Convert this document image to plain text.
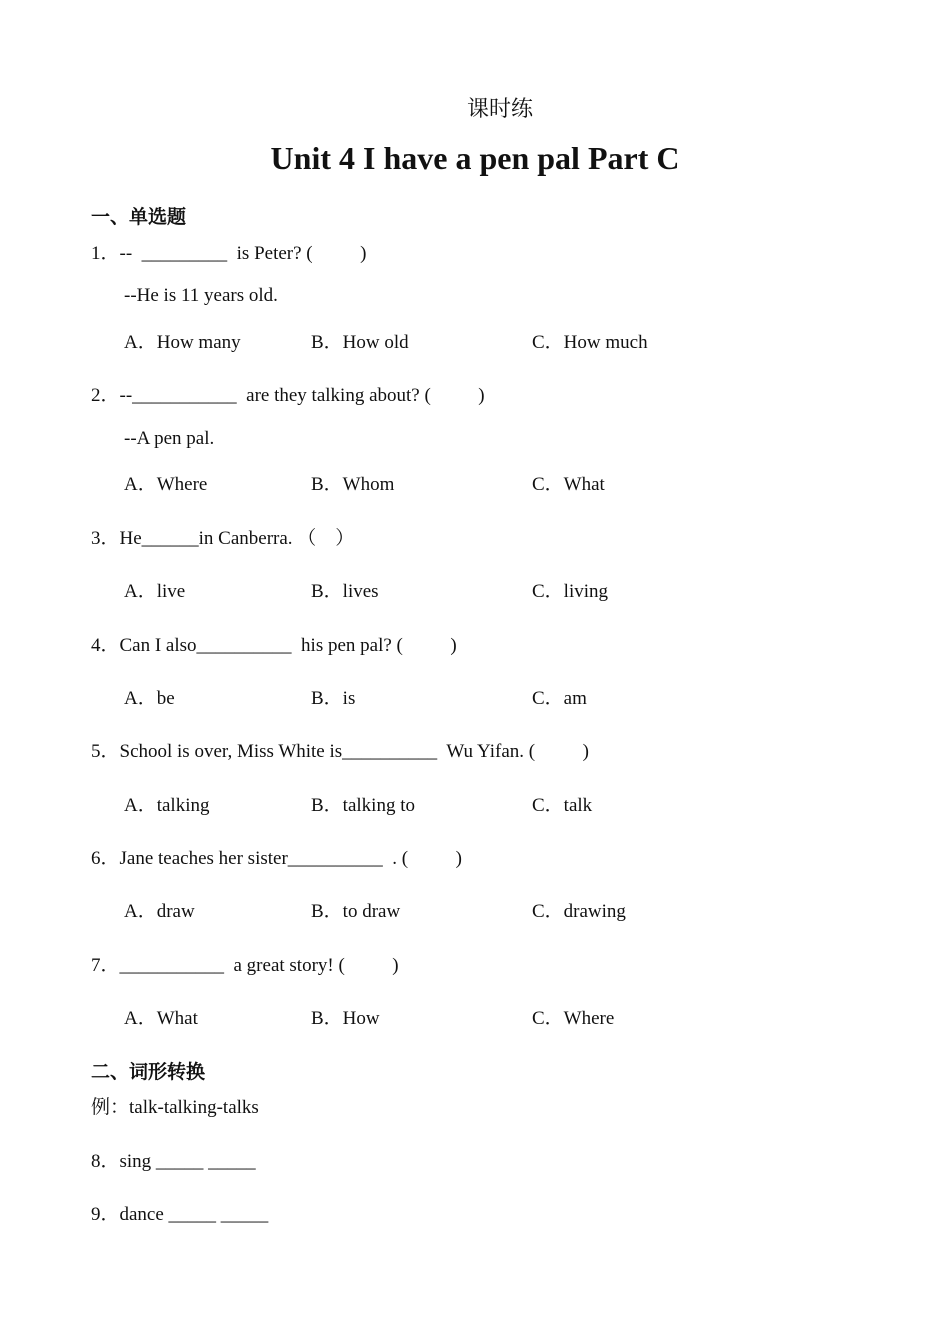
课时练
Unit 4 I have a pen pal Part C
一、单选题
1．--  _________  is Peter? (          )
--He is 11 years old.
A．How many	B．How old	C．How much
2．--___________  are they talking about? (          )
--A pen pal.
A．Where	B．Whom	C．What
3．He______in Canberra. （    ）
A．live	B．lives	C．living
4．Can I also__________  his pen pal? (          )
A．be	B．is	C．am
5．School is over, Miss White is__________  Wu Yifan. (          )
A．talking	B．talking to	C．talk
6．Jane teaches her sister__________  . (          )
A．draw	B．to draw	C．drawing
7．___________  a great story! (          )
A．What	B．How	C．Where
二、词形转换
例：talk-talking-talks
8．sing _____ _____
9．dance _____ _____
